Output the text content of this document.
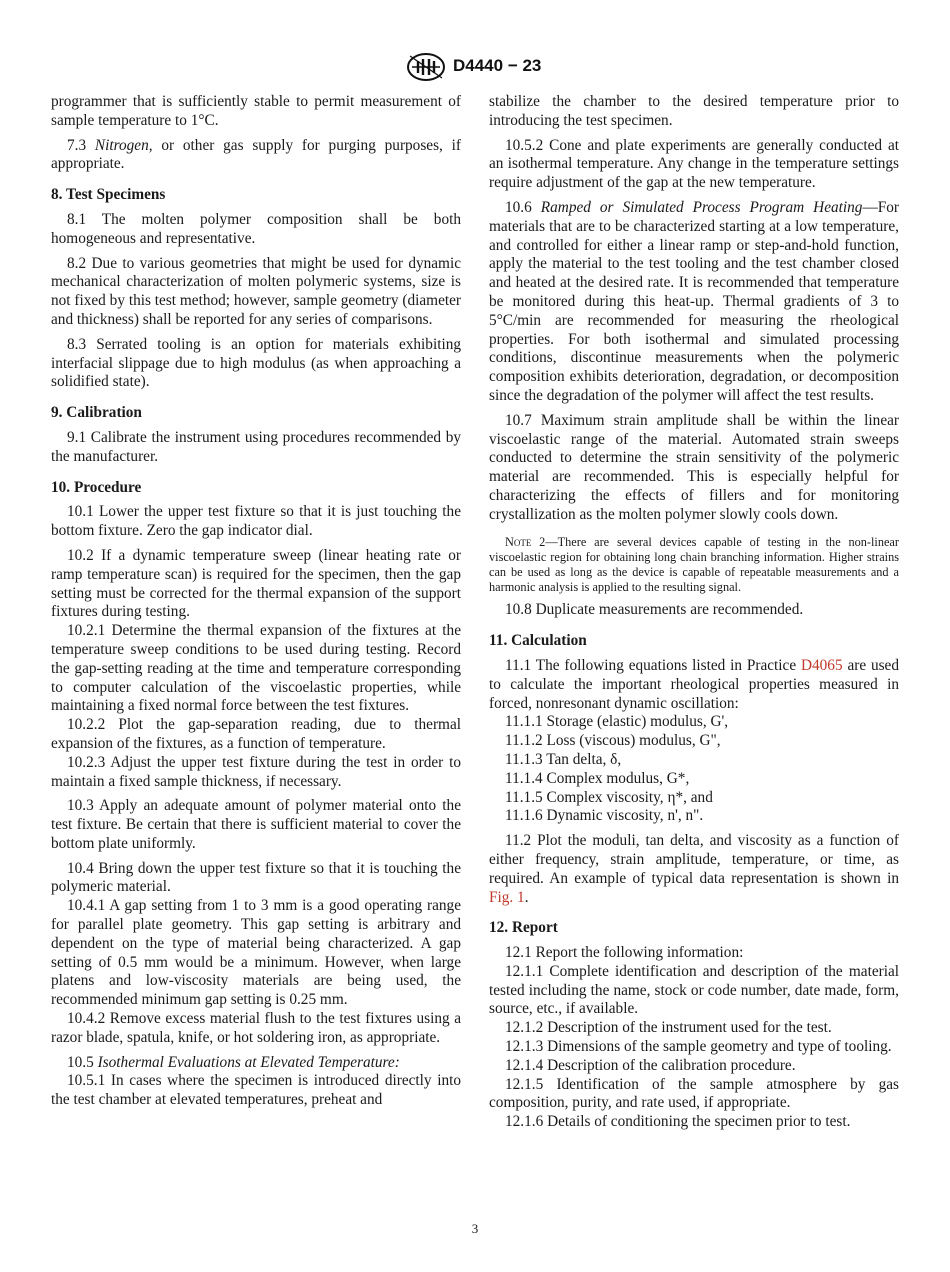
D4440 − 23

programmer that is sufficiently stable to permit measurement of sample temperature to 1°C.

7.3 Nitrogen, or other gas supply for purging purposes, if appropriate.

8. Test Specimens

8.1 The molten polymer composition shall be both homogeneous and representative.

8.2 Due to various geometries that might be used for dynamic mechanical characterization of molten polymeric systems, size is not fixed by this test method; however, sample geometry (diameter and thickness) shall be reported for any series of comparisons.

8.3 Serrated tooling is an option for materials exhibiting interfacial slippage due to high modulus (as when approaching a solidified state).

9. Calibration

9.1 Calibrate the instrument using procedures recommended by the manufacturer.

10. Procedure

10.1 Lower the upper test fixture so that it is just touching the bottom fixture. Zero the gap indicator dial.

10.2 If a dynamic temperature sweep (linear heating rate or ramp temperature scan) is required for the specimen, then the gap setting must be corrected for the thermal expansion of the support fixtures during testing.

10.2.1 Determine the thermal expansion of the fixtures at the temperature sweep conditions to be used during testing. Record the gap-setting reading at the time and temperature corresponding to computer calculation of the viscoelastic properties, while maintaining a fixed normal force between the test fixtures.

10.2.2 Plot the gap-separation reading, due to thermal expansion of the fixtures, as a function of temperature.

10.2.3 Adjust the upper test fixture during the test in order to maintain a fixed sample thickness, if necessary.

10.3 Apply an adequate amount of polymer material onto the test fixture. Be certain that there is sufficient material to cover the bottom plate uniformly.

10.4 Bring down the upper test fixture so that it is touching the polymeric material.

10.4.1 A gap setting from 1 to 3 mm is a good operating range for parallel plate geometry. This gap setting is arbitrary and dependent on the type of material being characterized. A gap setting of 0.5 mm would be a minimum. However, when large platens and low-viscosity materials are being used, the recommended minimum gap setting is 0.25 mm.

10.4.2 Remove excess material flush to the test fixtures using a razor blade, spatula, knife, or hot soldering iron, as appropriate.

10.5 Isothermal Evaluations at Elevated Temperature:

10.5.1 In cases where the specimen is introduced directly into the test chamber at elevated temperatures, preheat and

stabilize the chamber to the desired temperature prior to introducing the test specimen.

10.5.2 Cone and plate experiments are generally conducted at an isothermal temperature. Any change in the temperature settings require adjustment of the gap at the new temperature.

10.6 Ramped or Simulated Process Program Heating—For materials that are to be characterized starting at a low temperature, and controlled for either a linear ramp or step-and-hold function, apply the material to the test tooling and the test chamber closed and heated at the desired rate. It is recommended that temperature be monitored during this heat-up. Thermal gradients of 3 to 5°C/min are recommended for measuring the rheological properties. For both isothermal and simulated processing conditions, discontinue measurements when the polymeric composition exhibits deterioration, degradation, or decomposition since the degradation of the polymer will affect the test results.

10.7 Maximum strain amplitude shall be within the linear viscoelastic range of the material. Automated strain sweeps conducted to determine the strain sensitivity of the polymeric material are recommended. This is especially helpful for characterizing the effects of fillers and for monitoring crystallization as the molten polymer slowly cools down.

Note 2—There are several devices capable of testing in the non-linear viscoelastic region for obtaining long chain branching information. Higher strains can be used as long as the device is capable of repeatable measurements and a harmonic analysis is applied to the resulting signal.

10.8 Duplicate measurements are recommended.

11. Calculation

11.1 The following equations listed in Practice D4065 are used to calculate the important rheological properties measured in forced, nonresonant dynamic oscillation:

11.1.1 Storage (elastic) modulus, G',
11.1.2 Loss (viscous) modulus, G",
11.1.3 Tan delta, δ,
11.1.4 Complex modulus, G*,
11.1.5 Complex viscosity, η*, and
11.1.6 Dynamic viscosity, n', n".

11.2 Plot the moduli, tan delta, and viscosity as a function of either frequency, strain amplitude, temperature, or time, as required. An example of typical data representation is shown in Fig. 1.

12. Report

12.1 Report the following information:

12.1.1 Complete identification and description of the material tested including the name, stock or code number, date made, form, source, etc., if available.

12.1.2 Description of the instrument used for the test.

12.1.3 Dimensions of the sample geometry and type of tooling.

12.1.4 Description of the calibration procedure.

12.1.5 Identification of the sample atmosphere by gas composition, purity, and rate used, if appropriate.

12.1.6 Details of conditioning the specimen prior to test.

3
